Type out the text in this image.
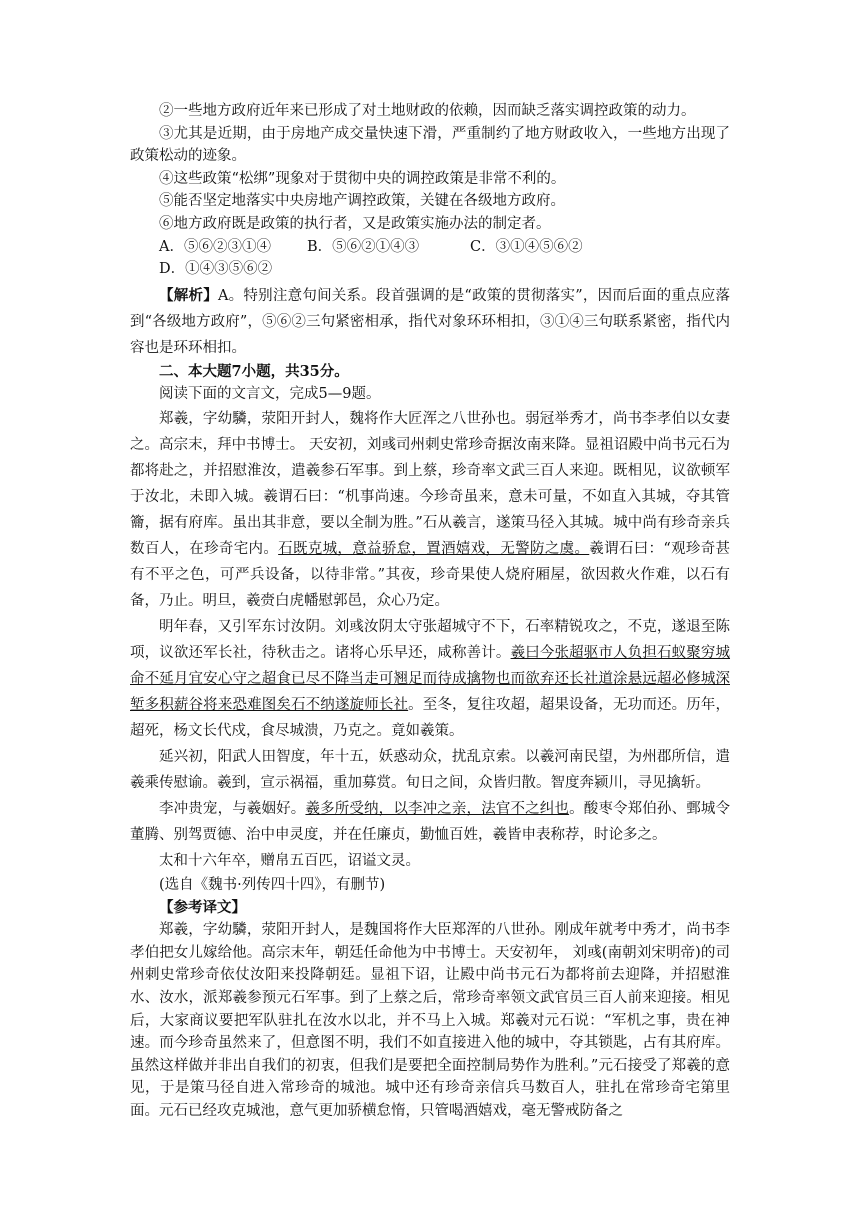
②一些地方政府近年来已形成了对土地财政的依赖，因而缺乏落实调控政策的动力。

③尤其是近期，由于房地产成交量快速下滑，严重制约了地方财政收入，一些地方出现了政策松动的迹象。

④这些政策“松绑”现象对于贯彻中央的调控政策是非常不利的。

⑤能否坚定地落实中央房地产调控政策，关键在各级地方政府。

⑥地方政府既是政策的执行者，又是政策实施办法的制定者。

A．⑤⑥②③①④ B．⑤⑥②①④③	C．③①④⑤⑥②D．①④③⑤⑥②

【解析】A。特别注意句间关系。段首强调的是“政策的贯彻落实”，因而后面的重点应落到“各级地方政府”，⑤⑥②三句紧密相承，指代对象环环相扣，③①④三句联系紧密，指代内容也是环环相扣。

二、本大题7小题，共35分。

阅读下面的文言文，完成5—9题。

郑羲，字幼驎，荥阳开封人，魏将作大匠浑之八世孙也。弱冠举秀才，尚书李孝伯以女妻之。高宗末，拜中书博士。 天安初，刘彧司州刺史常珍奇据汝南来降。显祖诏殿中尚书元石为都将赴之，并招慰淮汝，遣羲参石军事。到上蔡，珍奇率文武三百人来迎。既相见，议欲顿军于汝北，未即入城。羲谓石曰：“机事尚速。今珍奇虽来，意未可量，不如直入其城，夺其管籥，据有府库。虽出其非意，要以全制为胜。”石从羲言，遂策马径入其城。城中尚有珍奇亲兵数百人，在珍奇宅内。石既克城，意益骄怠，置酒嬉戏，无警防之虞。羲谓石曰：“观珍奇甚有不平之色，可严兵设备，以待非常。”其夜，珍奇果使人烧府厢屋，欲因救火作难，以石有备，乃止。明旦，羲赍白虎幡慰郭邑，众心乃定。

明年春，又引军东讨汝阴。刘彧汝阴太守张超城守不下，石率精锐攻之，不克，遂退至陈项，议欲还军长社，待秋击之。诸将心乐早还，咸称善计。羲曰今张超驱市人负担石蚁聚穷城命不延月宜安心守之超食已尽不降当走可翘足而待成擒物也而欲弃还长社道涂悬远超必修城深堑多积薪谷将来恐难图矣石不纳遂旋师长社。至冬，复往攻超，超果设备，无功而还。历年，超死，杨文长代戍，食尽城溃，乃克之。竟如羲策。

延兴初，阳武人田智度，年十五，妖惑动众，扰乱京索。以羲河南民望，为州郡所信，遣羲乘传慰谕。羲到，宣示祸福，重加募赏。旬日之间，众皆归散。智度奔颍川，寻见擒斩。

李冲贵宠，与羲姻好。羲多所受纳，以李冲之亲，法官不之纠也。酸枣令郑伯孙、鄄城令董腾、别驾贾德、治中申灵度，并在任廉贞，勤恤百姓，羲皆申表称荐，时论多之。

太和十六年卒，赠帛五百匹，诏谥文灵。

(选自《魏书·列传四十四》，有删节)

【参考译文】

郑羲，字幼驎，荥阳开封人，是魏国将作大臣郑浑的八世孙。刚成年就考中秀才，尚书李孝伯把女儿嫁给他。高宗末年，朝廷任命他为中书博士。天安初年， 刘彧(南朝刘宋明帝)的司州刺史常珍奇依仗汝阳来投降朝廷。显祖下诏，让殿中尚书元石为都将前去迎降，并招慰淮水、汝水，派郑羲参预元石军事。到了上蔡之后，常珍奇率领文武官员三百人前来迎接。相见后，大家商议要把军队驻扎在汝水以北，并不马上入城。郑羲对元石说：“军机之事，贵在神速。而今珍奇虽然来了，但意图不明，我们不如直接进入他的城中，夺其锁匙，占有其府库。虽然这样做并非出自我们的初衷，但我们是要把全面控制局势作为胜利。”元石接受了郑羲的意见，于是策马径自进入常珍奇的城池。城中还有珍奇亲信兵马数百人，驻扎在常珍奇宅第里面。元石已经攻克城池，意气更加骄横怠惰，只管喝酒嬉戏，毫无警戒防备之
